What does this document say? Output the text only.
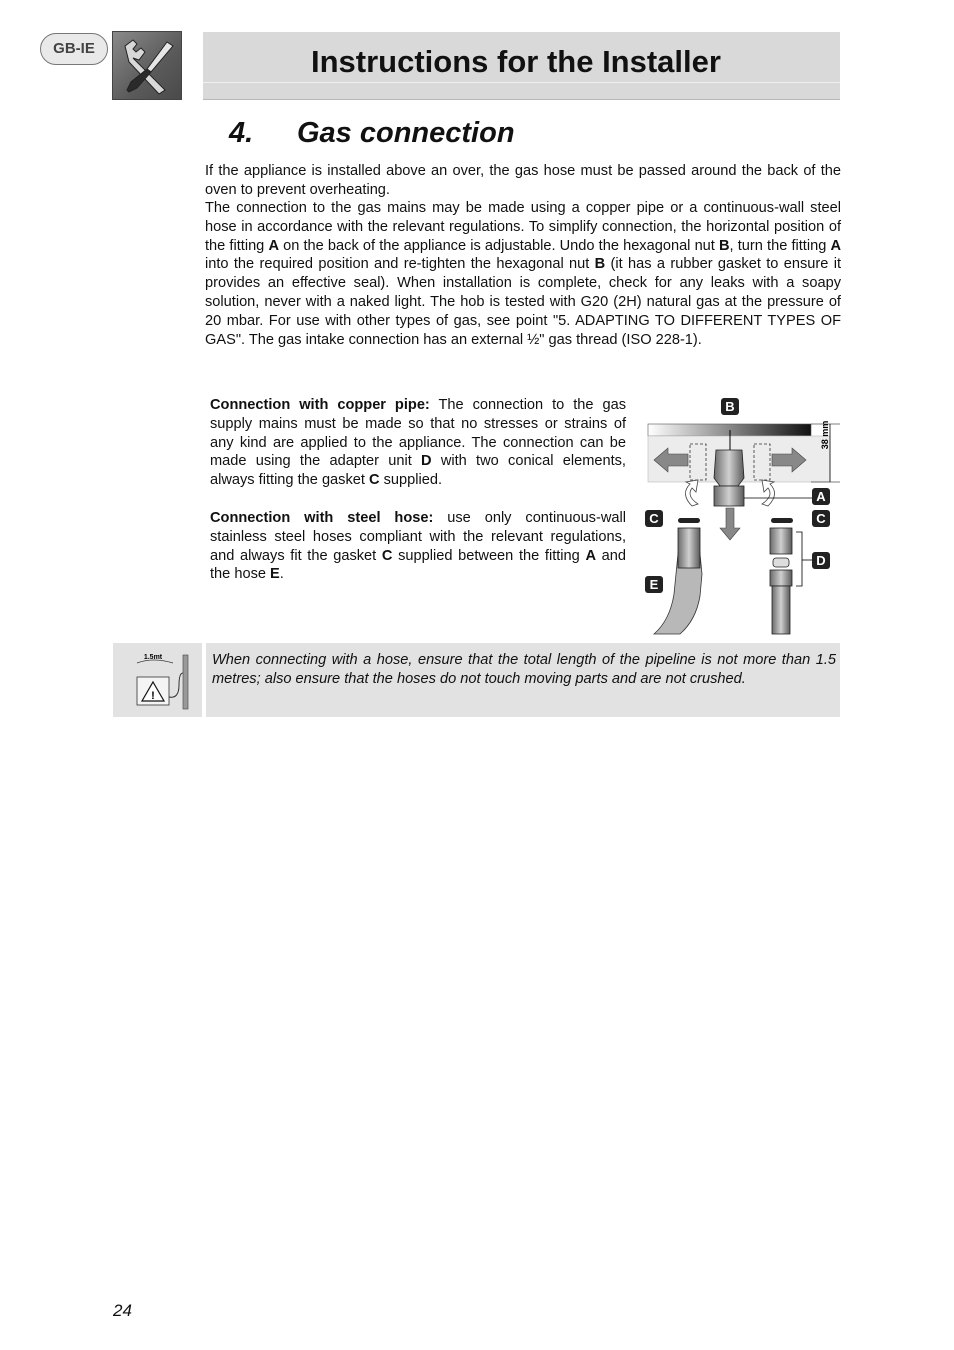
GB-IE	Instructions for the Installer
4. Gas connection

If the appliance is installed above an over, the gas hose must be passed around the back of the oven to prevent overheating.

The connection to the gas mains may be made using a copper pipe or a continuous-wall steel hose in accordance with the relevant regulations. To simplify connection, the horizontal position of the fitting A on the back of the appliance is adjustable. Undo the hexagonal nut B, turn the fitting A into the required position and re-tighten the hexagonal nut B (it has a rubber gasket to ensure it provides an effective seal). When installation is complete, check for any leaks with a soapy solution, never with a naked light. The hob is tested with G20 (2H) natural gas at the pressure of 20 mbar. For use with other types of gas, see point "5. ADAPTING TO DIFFERENT TYPES OF GAS". The gas intake connection has an external ½" gas thread (ISO 228-1).

Connection with copper pipe: The connection to the gas supply mains must be made so that no stresses or strains of any kind are applied to the appliance. The connection can be made using the adapter unit D with two conical elements, always fitting the gasket C supplied.

Connection with steel hose: use only continuous-wall stainless steel hoses compliant with the relevant regulations, and always fit the gasket C supplied between the fitting A and the hose E.

38 mm
B
A
C	C
D
E
1.5mt
!

When connecting with a hose, ensure that the total length of the pipeline is not more than 1.5 metres; also ensure that the hoses do not touch moving parts and are not crushed.

24
